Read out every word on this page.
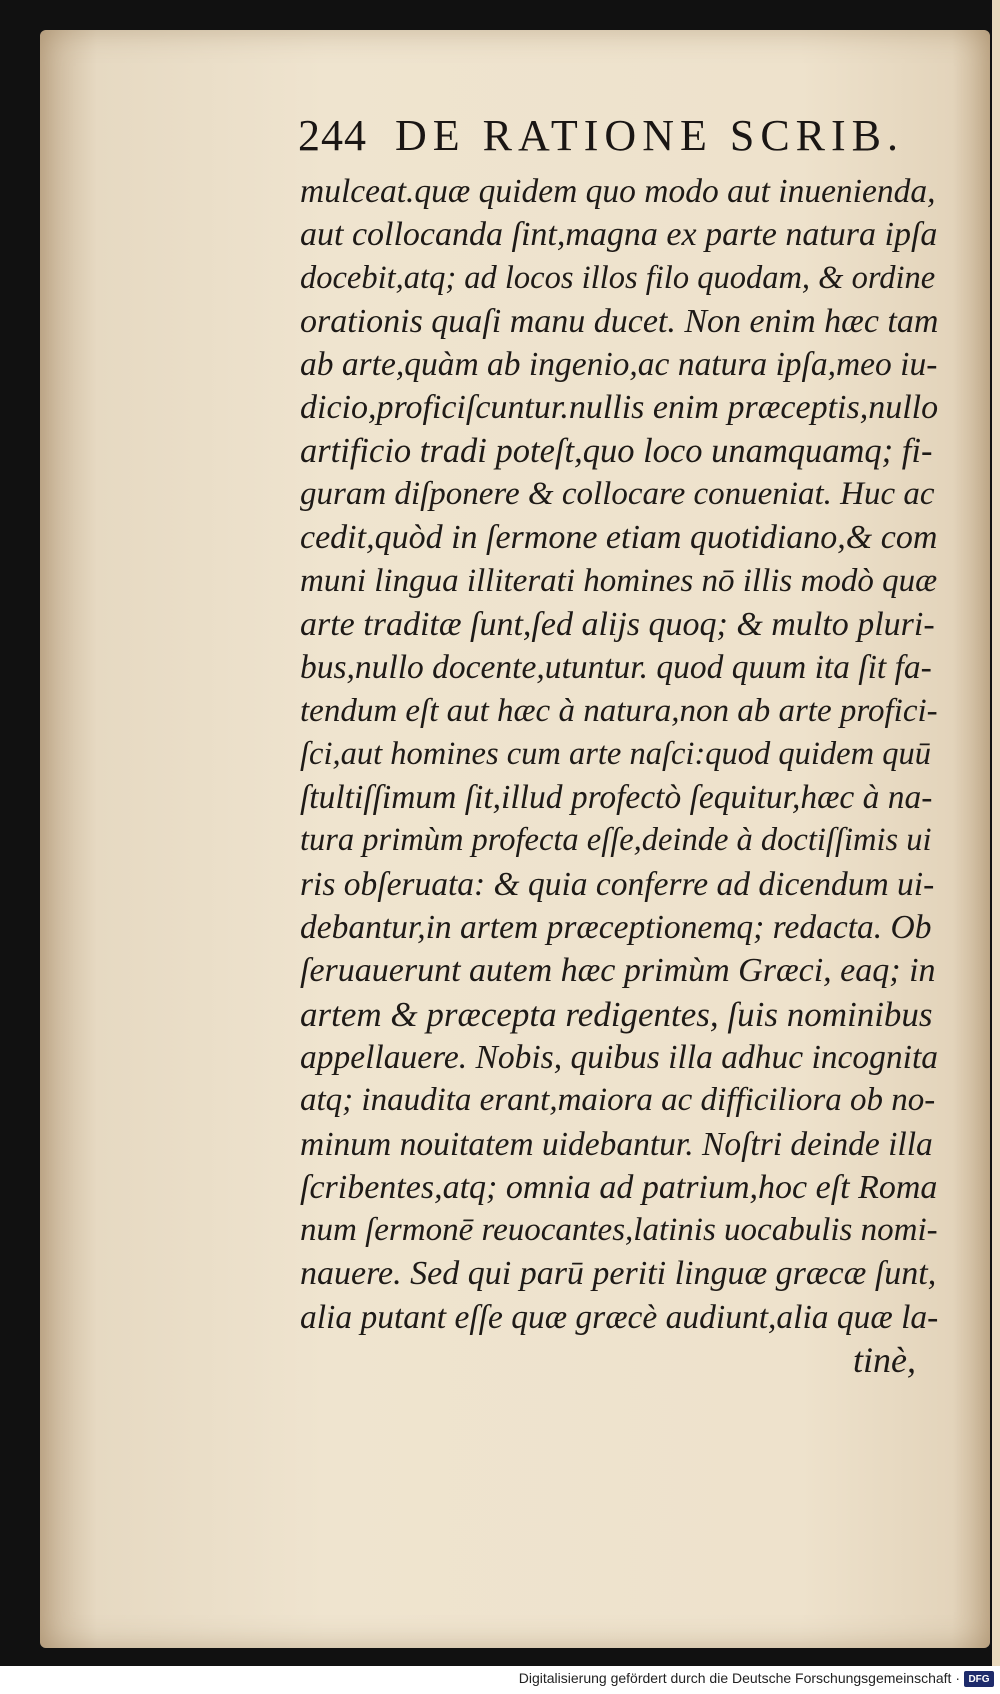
244 DE RATIONE SCRIB.
mulceat.quæ quidem quo modo aut inuenienda,
aut collocanda ſint,magna ex parte natura ipſa
docebit,atq; ad locos illos filo quodam, & ordine
orationis quaſi manu ducet. Non enim hæc tam
ab arte,quàm ab ingenio,ac natura ipſa,meo iu-
dicio,proficiſcuntur.nullis enim præceptis,nullo
artificio tradi poteſt,quo loco unamquamq; fi-
guram diſponere & collocare conueniat. Huc ac
cedit,quòd in ſermone etiam quotidiano,& com
muni lingua illiterati homines nō illis modò quæ
arte traditæ ſunt,ſed alijs quoq; & multo pluri-
bus,nullo docente,utuntur. quod quum ita ſit fa-
tendum eſt aut hæc à natura,non ab arte profici-
ſci,aut homines cum arte naſci:quod quidem quū
ſtultiſſimum ſit,illud profectò ſequitur,hæc à na-
tura primùm profecta eſſe,deinde à doctiſſimis ui
ris obſeruata: & quia conferre ad dicendum ui-
debantur,in artem præceptionemq; redacta. Ob
ſeruauerunt autem hæc primùm Græci, eaq; in
artem & præcepta redigentes, ſuis nominibus
appellauere. Nobis, quibus illa adhuc incognita
atq; inaudita erant,maiora ac difficiliora ob no-
minum nouitatem uidebantur. Noſtri deinde illa
ſcribentes,atq; omnia ad patrium,hoc eſt Roma
num ſermonē reuocantes,latinis uocabulis nomi-
nauere. Sed qui parū periti linguæ græcæ ſunt,
alia putant eſſe quæ græcè audiunt,alia quæ la-
tinè,
Digitalisierung gefördert durch die Deutsche Forschungsgemeinschaft · DFG
